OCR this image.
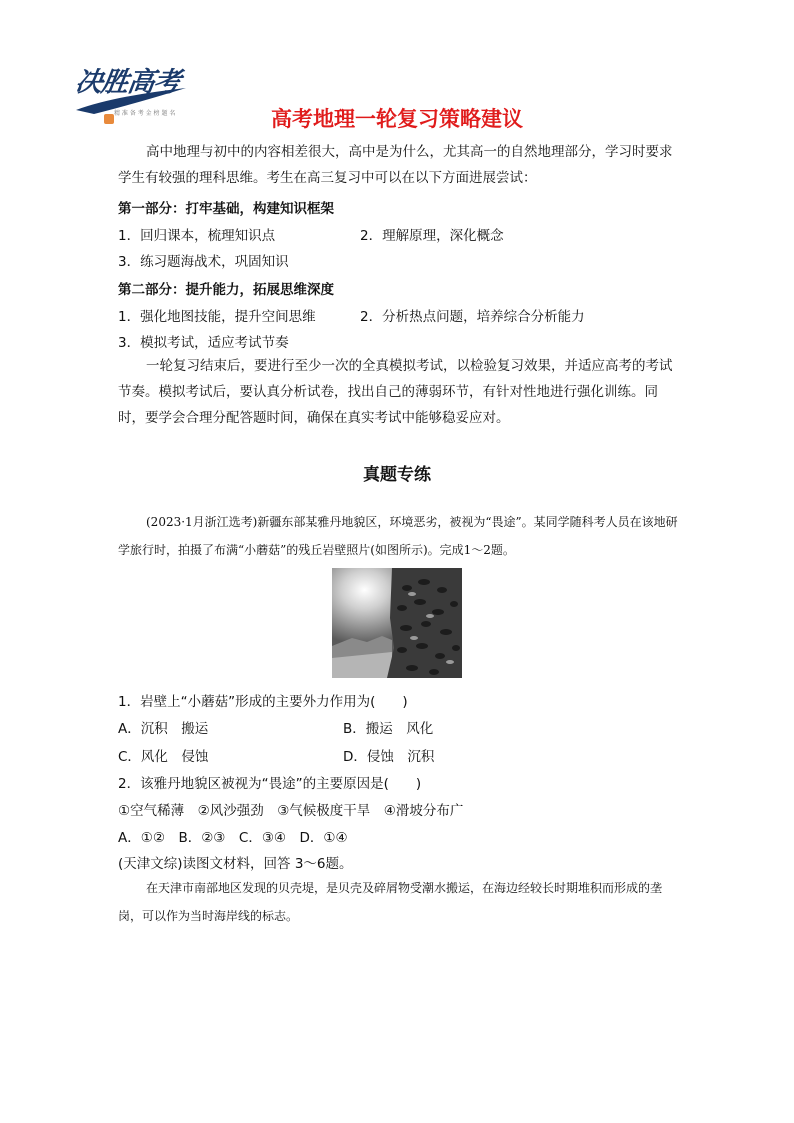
决胜高考
精 准 备 考 金 榜 题 名	高考地理一轮复习策略建议
高中地理与初中的内容相差很大，高中是为什么，尤其高一的自然地理部分，学习时要求学生有较强的理科思维。考生在高三复习中可以在以下方面进展尝试：
第一部分：打牢基础，构建知识框架
1．回归课本，梳理知识点	2．理解原理，深化概念
3．练习题海战术，巩固知识
第二部分：提升能力，拓展思维深度
1．强化地图技能，提升空间思维	2．分析热点问题，培养综合分析能力
3．模拟考试，适应考试节奏
一轮复习结束后，要进行至少一次的全真模拟考试，以检验复习效果，并适应高考的考试节奏。模拟考试后，要认真分析试卷，找出自己的薄弱环节，有针对性地进行强化训练。同时，要学会合理分配答题时间，确保在真实考试中能够稳妥应对。
真题专练
(2023·1月浙江选考)新疆东部某雅丹地貌区，环境恶劣，被视为“畏途”。某同学随科考人员在该地研学旅行时，拍摄了布满“小蘑菇”的残丘岩壁照片(如图所示)。完成1～2题。
1．岩壁上“小蘑菇”形成的主要外力作用为(　　)
A．沉积　搬运	B．搬运　风化
C．风化　侵蚀	D．侵蚀　沉积
2．该雅丹地貌区被视为“畏途”的主要原因是(　　)
①空气稀薄　②风沙强劲　③气候极度干旱　④滑坡分布广
A．①②　B．②③　C．③④　D．①④
(天津文综)读图文材料，回答 3～6题。
在天津市南部地区发现的贝壳堤，是贝壳及碎屑物受潮水搬运，在海边经较长时期堆积而形成的垄岗，可以作为当时海岸线的标志。
